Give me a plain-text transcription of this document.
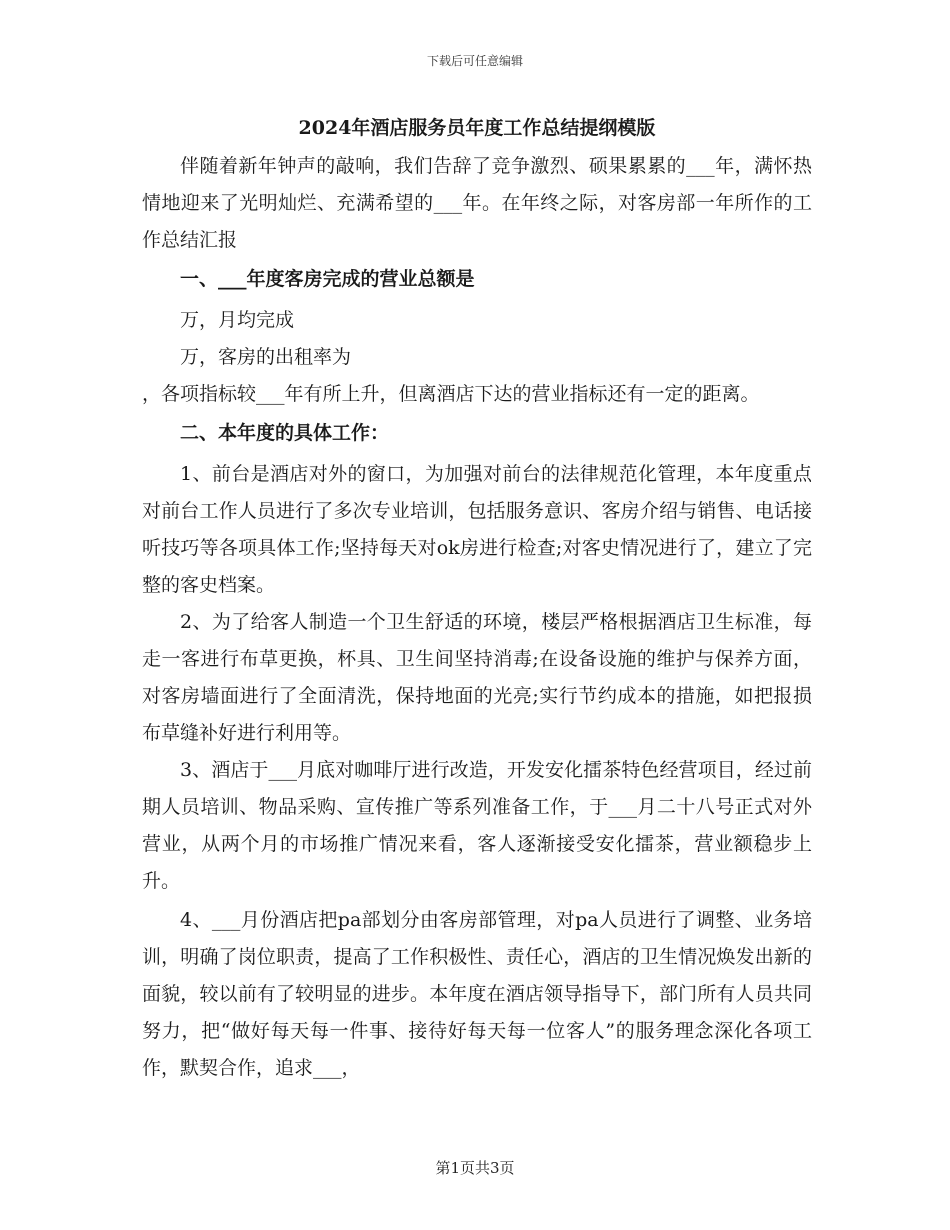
下载后可任意编辑
2024年酒店服务员年度工作总结提纲模版

伴随着新年钟声的敲响，我们告辞了竞争激烈、硕果累累的___年，满怀热情地迎来了光明灿烂、充满希望的___年。在年终之际，对客房部一年所作的工作总结汇报

一、___年度客房完成的营业总额是

万，月均完成

万，客房的出租率为

，各项指标较___年有所上升，但离酒店下达的营业指标还有一定的距离。

二、本年度的具体工作：

1、前台是酒店对外的窗口，为加强对前台的法律规范化管理，本年度重点对前台工作人员进行了多次专业培训，包括服务意识、客房介绍与销售、电话接听技巧等各项具体工作;坚持每天对ok房进行检查;对客史情况进行了，建立了完整的客史档案。

2、为了给客人制造一个卫生舒适的环境，楼层严格根据酒店卫生标准，每走一客进行布草更换，杯具、卫生间坚持消毒;在设备设施的维护与保养方面，对客房墙面进行了全面清洗，保持地面的光亮;实行节约成本的措施，如把报损布草缝补好进行利用等。

3、酒店于___月底对咖啡厅进行改造，开发安化擂茶特色经营项目，经过前期人员培训、物品采购、宣传推广等系列准备工作，于___月二十八号正式对外营业，从两个月的市场推广情况来看，客人逐渐接受安化擂茶，营业额稳步上升。

4、___月份酒店把pa部划分由客房部管理，对pa人员进行了调整、业务培训，明确了岗位职责，提高了工作积极性、责任心，酒店的卫生情况焕发出新的面貌，较以前有了较明显的进步。本年度在酒店领导指导下，部门所有人员共同努力，把“做好每天每一件事、接待好每天每一位客人”的服务理念深化各项工作，默契合作，追求___，

第1页共3页
